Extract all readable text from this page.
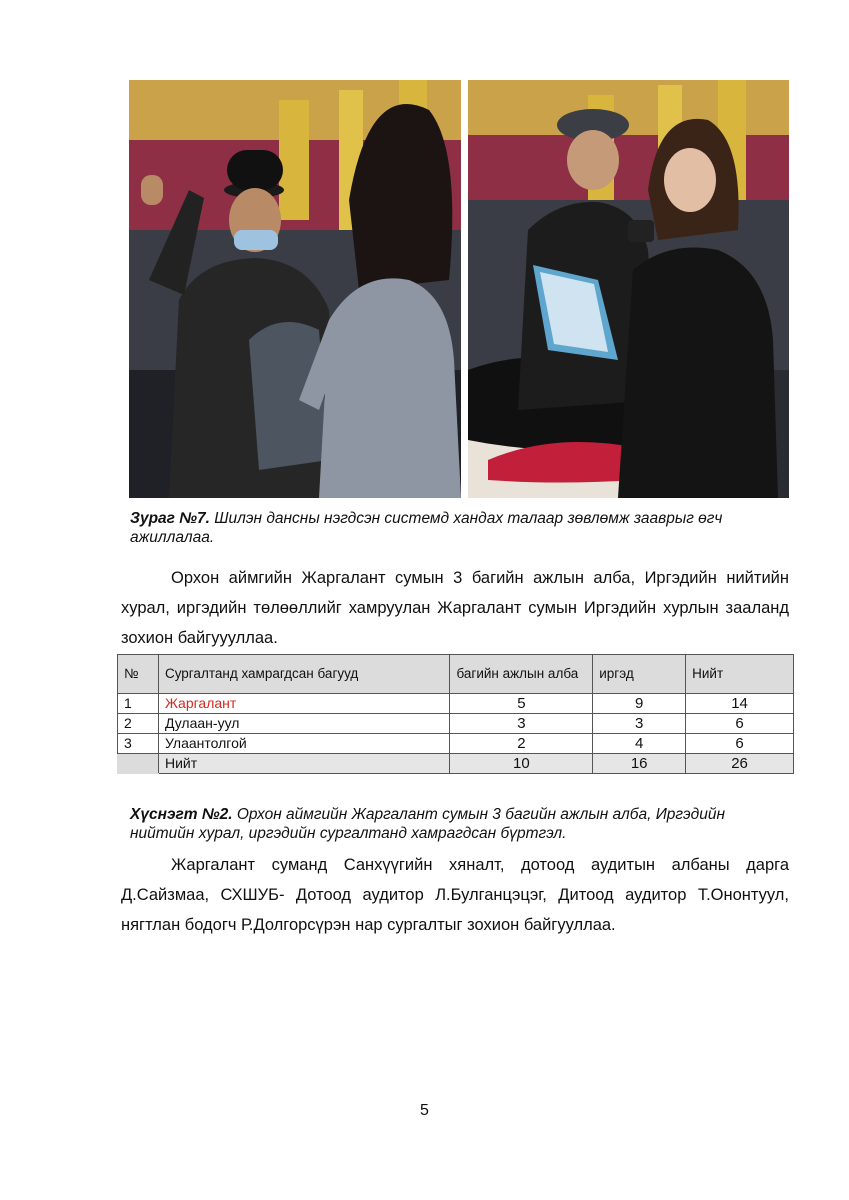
Зураг №7. Шилэн дансны нэгдсэн системд хандах талаар зөвлөмж заавpыг өгч ажиллалаа.
Орхон аймгийн Жаргалант сумын 3 багийн ажлын алба, Иргэдийн нийтийн хурал, иргэдийн төлөөллийг хамруулан Жаргалант сумын Иргэдийн хурлын зааланд зохион байгуууллаа.
№	Сургалтанд хамрагдсан багууд	багийн ажлын алба	иргэд	Нийт
1	Жаргалант	5	9	14
2	Дулаан-уул	3	3	6
3	Улаантолгой	2	4	6
	Нийт	10	16	26
Хүснэгт №2. Орхон аймгийн Жаргалант сумын 3 багийн ажлын алба, Иргэдийн нийтийн хурал, иргэдийн сургалтанд хамрагдсан бүртгэл.
Жаргалант суманд Санхүүгийн хяналт, дотоод аудитын албаны дарга Д.Сайзмаа, СХШУБ- Дотоод аудитор Л.Булганцэцэг, Дитоод аудитор Т.Ононтуул, нягтлан бодогч Р.Долгорсүрэн нар сургалтыг зохион байгууллаа.
5
